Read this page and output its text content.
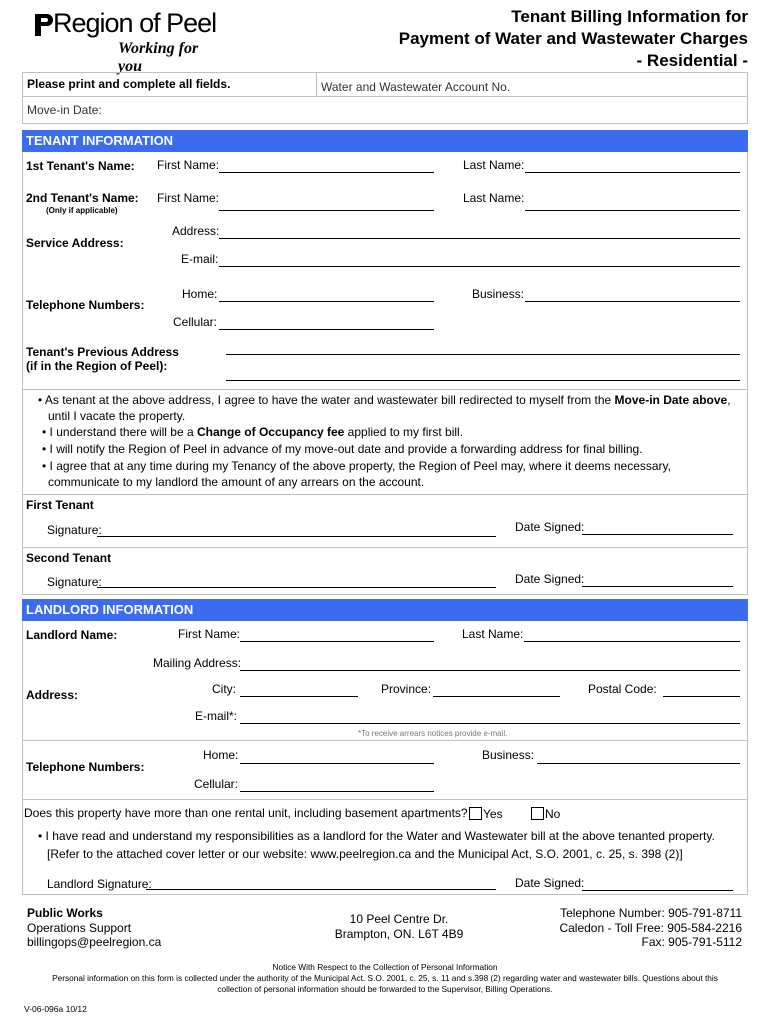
Region of Peel
Working for you
Tenant Billing Information for
Payment of Water and Wastewater Charges
- Residential -
Please print and complete all fields.	Water and Wastewater Account No.
Move-in Date:
TENANT INFORMATION
1st Tenant's Name: First Name:	Last Name:
2nd Tenant's Name:
(Only if applicable)
First Name:	Last Name:
Service Address:
Address:
E-mail:
Telephone Numbers:
Home:	Business:
Cellular:
Tenant's Previous Address
(if in the Region of Peel):
• As tenant at the above address, I agree to have the water and wastewater bill redirected to myself from the Move-in Date above,
until I vacate the property.
• I understand there will be a Change of Occupancy fee applied to my first bill.
• I will notify the Region of Peel in advance of my move-out date and provide a forwarding address for final billing.
• I agree that at any time during my Tenancy of the above property, the Region of Peel may, where it deems necessary,
communicate to my landlord the amount of any arrears on the account.
First Tenant
Signature:	Date Signed:
Second Tenant
Signature:	Date Signed:
LANDLORD INFORMATION
Landlord Name:	First Name:	Last Name:
Mailing Address:
Address:	City:	Province:	Postal Code:
E-mail*:
*To receive arrears notices provide e-mail.
Telephone Numbers:
Home:	Business:
Cellular:
Does this property have more than one rental unit, including basement apartments? Yes	No
• I have read and understand my responsibilities as a landlord for the Water and Wastewater bill at the above tenanted property.
[Refer to the attached cover letter or our website: www.peelregion.ca and the Municipal Act, S.O. 2001, c. 25, s. 398 (2)]
Landlord Signature:	Date Signed:
Public Works
Operations Support
billingops@peelregion.ca
10 Peel Centre Dr.
Brampton, ON. L6T 4B9
Telephone Number: 905-791-8711
Caledon - Toll Free: 905-584-2216
Fax: 905-791-5112
Notice With Respect to the Collection of Personal Information
Personal information on this form is collected under the authority of the Municipal Act. S.O. 2001, c. 25, s. 11 and s.398 (2) regarding water and wastewater bills. Questions about this
collection of personal information should be forwarded to the Supervisor, Billing Operations.
V-06-096a 10/12
